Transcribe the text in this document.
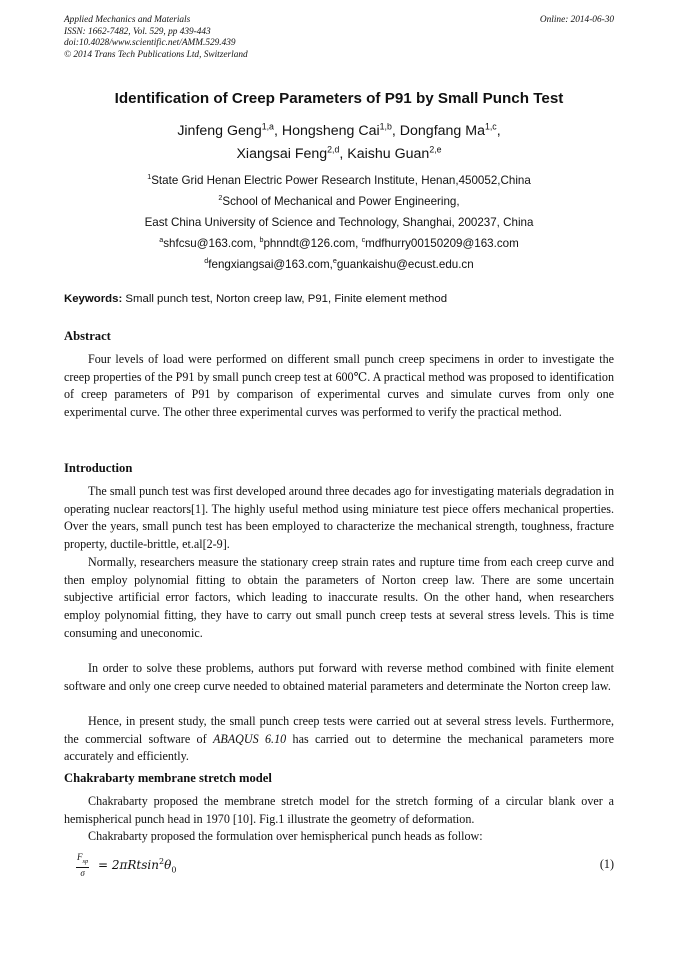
Applied Mechanics and Materials
ISSN: 1662-7482, Vol. 529, pp 439-443
doi:10.4028/www.scientific.net/AMM.529.439
© 2014 Trans Tech Publications Ltd, Switzerland
Online: 2014-06-30
Identification of Creep Parameters of P91 by Small Punch Test
Jinfeng Geng$^{1,a}$, Hongsheng Cai$^{1,b}$, Dongfang Ma$^{1,c}$,
Xiangsai Feng$^{2,d}$, Kaishu Guan$^{2,e}$
$^1$State Grid Henan Electric Power Research Institute, Henan,450052,China
$^2$School of Mechanical and Power Engineering,
East China University of Science and Technology, Shanghai, 200237, China
$^a$shfcsu@163.com, $^b$phnndt@126.com, $^c$mdfhurry00150209@163.com
$^d$fengxiangsai@163.com,$^e$guankaishu@ecust.edu.cn
Keywords: Small punch test, Norton creep law, P91, Finite element method
Abstract

Four levels of load were performed on different small punch creep specimens in order to investigate the creep properties of the P91 by small punch creep test at 600℃. A practical method was proposed to identification of creep parameters of P91 by comparison of experimental curves and simulate curves from only one experimental curve. The other three experimental curves was performed to verify the practical method.

Introduction

The small punch test was first developed around three decades ago for investigating materials degradation in operating nuclear reactors[1]. The highly useful method using miniature test piece offers mechanical properties. Over the years, small punch test has been employed to characterize the mechanical strength, toughness, fracture property, ductile-brittle, et.al[2-9].

Normally, researchers measure the stationary creep strain rates and rupture time from each creep curve and then employ polynomial fitting to obtain the parameters of Norton creep law. There are some uncertain subjective artificial error factors, which leading to inaccurate results. On the other hand, when researchers employ polynomial fitting, they have to carry out small punch creep tests at several stress levels. This is time consuming and uneconomic.

In order to solve these problems, authors put forward with reverse method combined with finite element software and only one creep curve needed to obtained material parameters and determinate the Norton creep law.

Hence, in present study, the small punch creep tests were carried out at several stress levels. Furthermore, the commercial software of ABAQUS 6.10 has carried out to determine the mechanical parameters more accurately and efficiently.

Chakrabarty membrane stretch model

Chakrabarty proposed the membrane stretch model for the stretch forming of a circular blank over a hemispherical punch head in 1970 [10]. Fig.1 illustrate the geometry of deformation.

Chakrabarty proposed the formulation over hemispherical punch heads as follow:

$F_{sp}$
σ
= $2\pi Rtsin^2\theta_0$	(1)
